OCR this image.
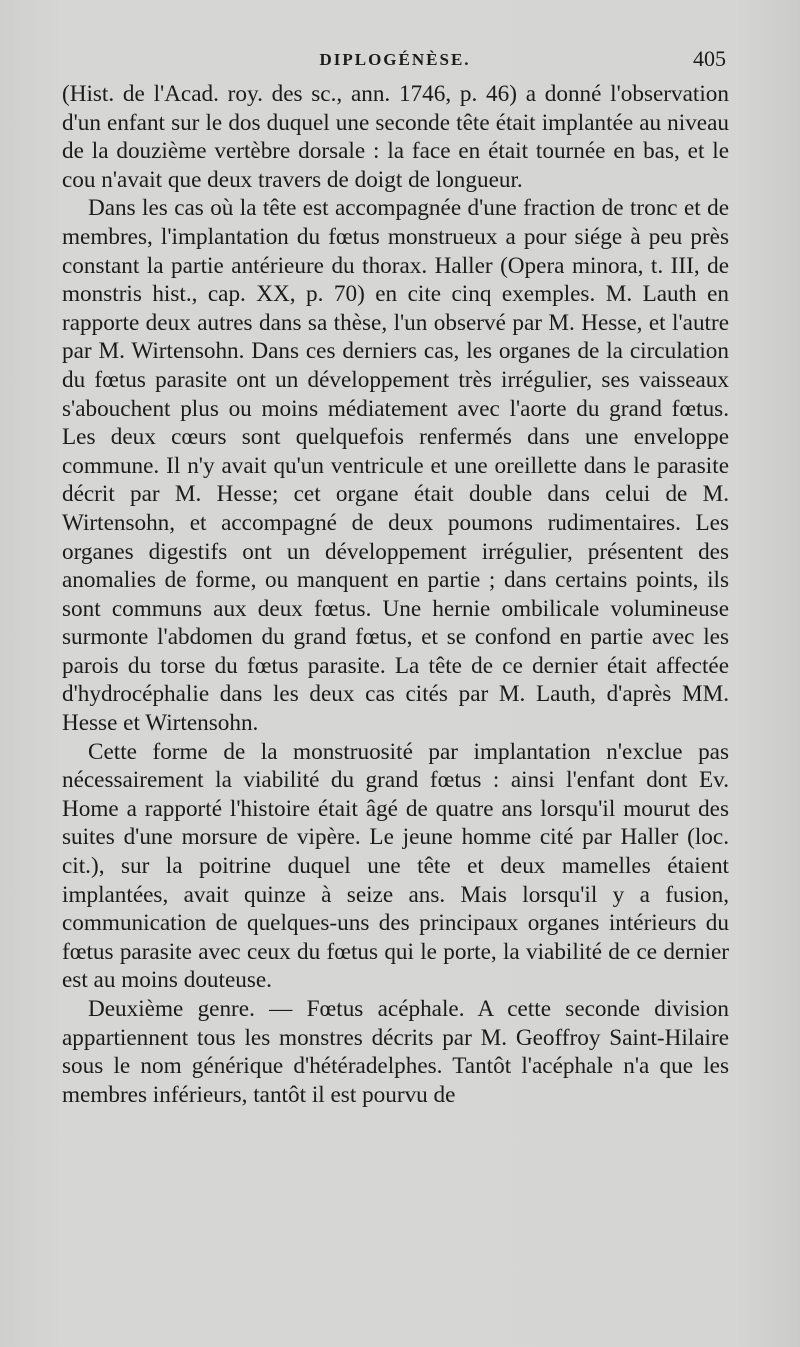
DIPLOGÉNÈSE.	405

(Hist. de l'Acad. roy. des sc., ann. 1746, p. 46) a donné l'observation d'un enfant sur le dos duquel une seconde tête était implantée au niveau de la douzième vertèbre dorsale : la face en était tournée en bas, et le cou n'avait que deux travers de doigt de longueur.

Dans les cas où la tête est accompagnée d'une fraction de tronc et de membres, l'implantation du fœtus monstrueux a pour siége à peu près constant la partie antérieure du thorax. Haller (Opera minora, t. III, de monstris hist., cap. XX, p. 70) en cite cinq exemples. M. Lauth en rapporte deux autres dans sa thèse, l'un observé par M. Hesse, et l'autre par M. Wirtensohn. Dans ces derniers cas, les organes de la circulation du fœtus parasite ont un développement très irrégulier, ses vaisseaux s'abouchent plus ou moins médiatement avec l'aorte du grand fœtus. Les deux cœurs sont quelquefois renfermés dans une enveloppe commune. Il n'y avait qu'un ventricule et une oreillette dans le parasite décrit par M. Hesse; cet organe était double dans celui de M. Wirtensohn, et accompagné de deux poumons rudimentaires. Les organes digestifs ont un développement irrégulier, présentent des anomalies de forme, ou manquent en partie ; dans certains points, ils sont communs aux deux fœtus. Une hernie ombilicale volumineuse surmonte l'abdomen du grand fœtus, et se confond en partie avec les parois du torse du fœtus parasite. La tête de ce dernier était affectée d'hydrocéphalie dans les deux cas cités par M. Lauth, d'après MM. Hesse et Wirtensohn.

Cette forme de la monstruosité par implantation n'exclue pas nécessairement la viabilité du grand fœtus : ainsi l'enfant dont Ev. Home a rapporté l'histoire était âgé de quatre ans lorsqu'il mourut des suites d'une morsure de vipère. Le jeune homme cité par Haller (loc. cit.), sur la poitrine duquel une tête et deux mamelles étaient implantées, avait quinze à seize ans. Mais lorsqu'il y a fusion, communication de quelques-uns des principaux organes intérieurs du fœtus parasite avec ceux du fœtus qui le porte, la viabilité de ce dernier est au moins douteuse.

Deuxième genre. — Fœtus acéphale. A cette seconde division appartiennent tous les monstres décrits par M. Geoffroy Saint-Hilaire sous le nom générique d'hétéradelphes. Tantôt l'acéphale n'a que les membres inférieurs, tantôt il est pourvu de
